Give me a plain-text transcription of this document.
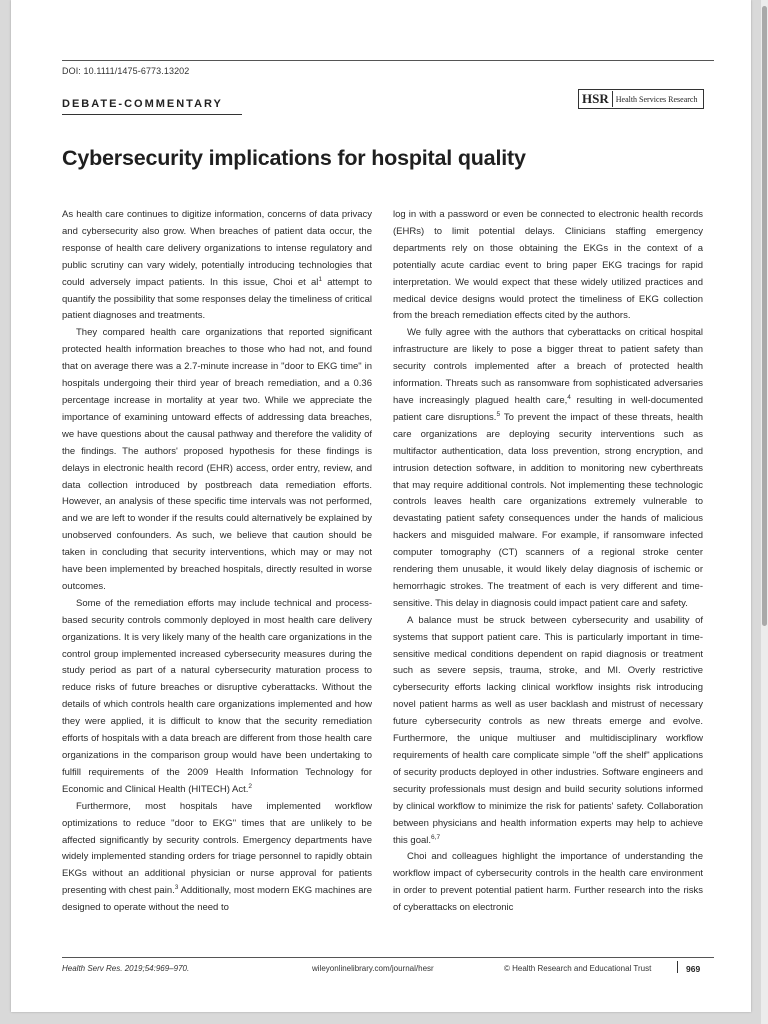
DOI: 10.1111/1475-6773.13202
DEBATE-COMMENTARY	HSR Health Services Research
Cybersecurity implications for hospital quality

As health care continues to digitize information, concerns of data privacy and cybersecurity also grow. When breaches of patient data occur, the response of health care delivery organizations to intense regulatory and public scrutiny can vary widely, potentially introducing technologies that could adversely impact patients. In this issue, Choi et $al^1$ attempt to quantify the possibility that some responses delay the timeliness of critical patient diagnoses and treatments.

They compared health care organizations that reported significant protected health information breaches to those who had not, and found that on average there was a 2.7-minute increase in "door to EKG time" in hospitals undergoing their third year of breach remediation, and a 0.36 percentage increase in mortality at year two. While we appreciate the importance of examining untoward effects of addressing data breaches, we have questions about the causal pathway and therefore the validity of the findings. The authors' proposed hypothesis for these findings is delays in electronic health record (EHR) access, order entry, review, and data collection introduced by postbreach data remediation efforts. However, an analysis of these specific time intervals was not performed, and we are left to wonder if the results could alternatively be explained by unobserved confounders. As such, we believe that caution should be taken in concluding that security interventions, which may or may not have been implemented by breached hospitals, directly resulted in worse outcomes.

Some of the remediation efforts may include technical and process-based security controls commonly deployed in most health care delivery organizations. It is very likely many of the health care organizations in the control group implemented increased cybersecurity measures during the study period as part of a natural cybersecurity maturation process to reduce risks of future breaches or disruptive cyberattacks. Without the details of which controls health care organizations implemented and how they were applied, it is difficult to know that the security remediation efforts of hospitals with a data breach are different from those health care organizations in the comparison group would have been undertaking to fulfill requirements of the 2009 Health Information Technology for Economic and Clinical Health (HITECH) Act.$^2$

Furthermore, most hospitals have implemented workflow optimizations to reduce "door to EKG" times that are unlikely to be affected significantly by security controls. Emergency departments have widely implemented standing orders for triage personnel to rapidly obtain EKGs without an additional physician or nurse approval for patients presenting with chest pain.$^3$ Additionally, most modern EKG machines are designed to operate without the need to

log in with a password or even be connected to electronic health records (EHRs) to limit potential delays. Clinicians staffing emergency departments rely on those obtaining the EKGs in the context of a potentially acute cardiac event to bring paper EKG tracings for rapid interpretation. We would expect that these widely utilized practices and medical device designs would protect the timeliness of EKG collection from the breach remediation effects cited by the authors.

We fully agree with the authors that cyberattacks on critical hospital infrastructure are likely to pose a bigger threat to patient safety than security controls implemented after a breach of protected health information. Threats such as ransomware from sophisticated adversaries have increasingly plagued health care,$^4$ resulting in well-documented patient care disruptions.$^5$ To prevent the impact of these threats, health care organizations are deploying security interventions such as multifactor authentication, data loss prevention, strong encryption, and intrusion detection software, in addition to monitoring new cyberthreats that may require additional controls. Not implementing these technologic controls leaves health care organizations extremely vulnerable to devastating patient safety consequences under the hands of malicious hackers and misguided malware. For example, if ransomware infected computer tomography (CT) scanners of a regional stroke center rendering them unusable, it would likely delay diagnosis of ischemic or hemorrhagic strokes. The treatment of each is very different and time-sensitive. This delay in diagnosis could impact patient care and safety.

A balance must be struck between cybersecurity and usability of systems that support patient care. This is particularly important in time-sensitive medical conditions dependent on rapid diagnosis or treatment such as severe sepsis, trauma, stroke, and MI. Overly restrictive cybersecurity efforts lacking clinical workflow insights risk introducing novel patient harms as well as user backlash and mistrust of necessary future cybersecurity controls as new threats emerge and evolve. Furthermore, the unique multiuser and multidisciplinary workflow requirements of health care complicate simple "off the shelf" applications of security products deployed in other industries. Software engineers and security professionals must design and build security solutions informed by clinical workflow to minimize the risk for patients' safety. Collaboration between physicians and health information experts may help to achieve this goal.$^{6,7}$

Choi and colleagues highlight the importance of understanding the workflow impact of cybersecurity controls in the health care environment in order to prevent potential patient harm. Further research into the risks of cyberattacks on electronic

Health Serv Res. 2019;54:969–970.	wileyonlinelibrary.com/journal/hesr	© Health Research and Educational Trust	969
